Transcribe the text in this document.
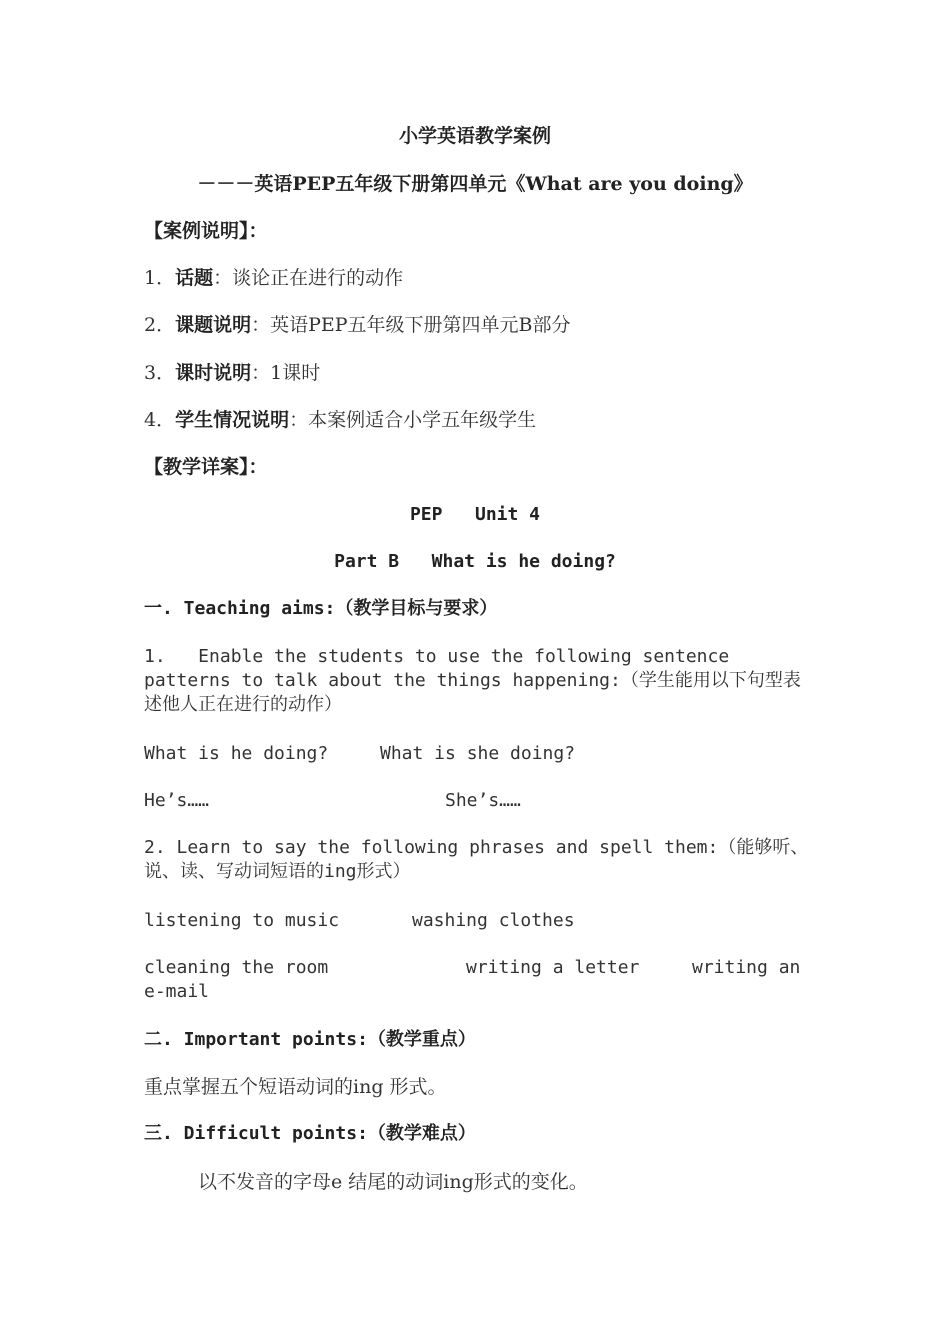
小学英语教学案例
－－－英语PEP五年级下册第四单元《What are you doing》
【案例说明】：
1．话题：谈论正在进行的动作
2．课题说明：英语PEP五年级下册第四单元B部分
3．课时说明：1课时
4．学生情况说明：本案例适合小学五年级学生
【教学详案】：
PEP   Unit 4
Part B   What is he doing?
一. Teaching aims:（教学目标与要求）
1.   Enable the students to use the following sentence patterns to talk about the things happening:（学生能用以下句型表述他人正在进行的动作）
What is he doing?	What is she doing?
He’s……	She’s……
2. Learn to say the following phrases and spell them:（能够听、说、读、写动词短语的ing形式）
listening to music	washing clothes
cleaning the room	writing a letter	writing an e-mail
二. Important points:（教学重点）
重点掌握五个短语动词的ing 形式。
三. Difficult points:（教学难点）
以不发音的字母e 结尾的动词ing形式的变化。
